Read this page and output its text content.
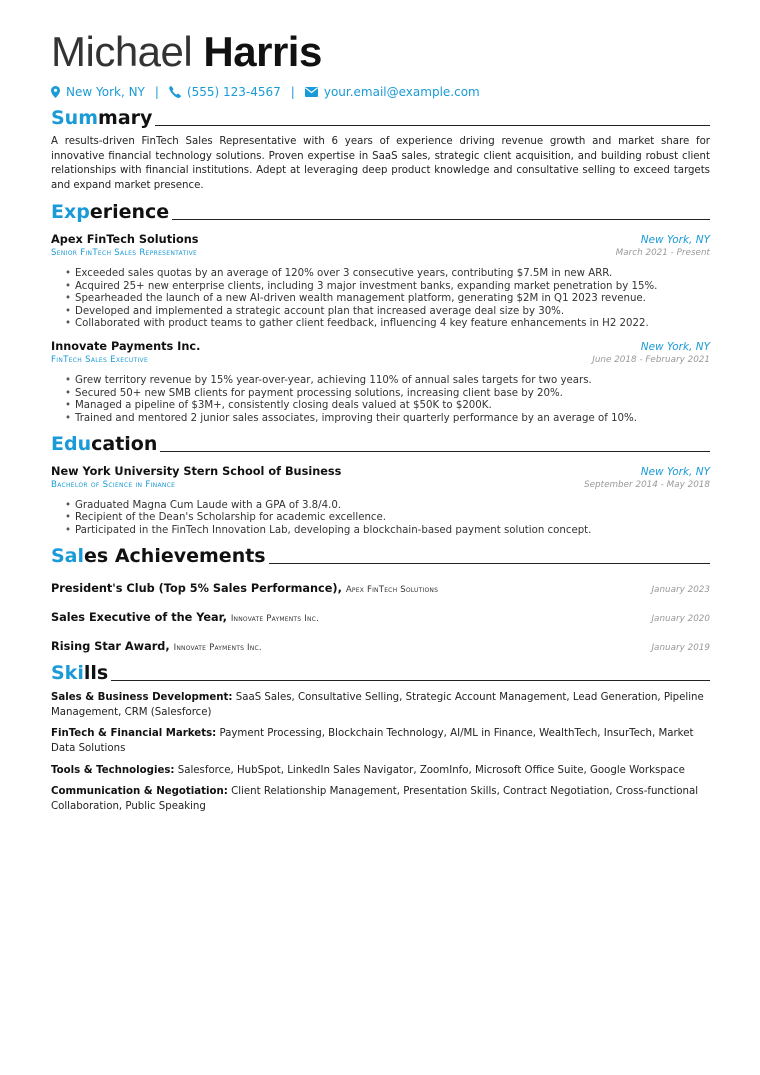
Michael Harris
New York, NY | (555) 123-4567 | your.email@example.com
Summary
A results-driven FinTech Sales Representative with 6 years of experience driving revenue growth and market share for innovative financial technology solutions. Proven expertise in SaaS sales, strategic client acquisition, and building robust client relationships with financial institutions. Adept at leveraging deep product knowledge and consultative selling to exceed targets and expand market presence.
Experience
Apex FinTech Solutions	New York, NY
Senior FinTech Sales Representative	March 2021 - Present
• Exceeded sales quotas by an average of 120% over 3 consecutive years, contributing $7.5M in new ARR.
• Acquired 25+ new enterprise clients, including 3 major investment banks, expanding market penetration by 15%.
• Spearheaded the launch of a new AI-driven wealth management platform, generating $2M in Q1 2023 revenue.
• Developed and implemented a strategic account plan that increased average deal size by 30%.
• Collaborated with product teams to gather client feedback, influencing 4 key feature enhancements in H2 2022.
Innovate Payments Inc.	New York, NY
FinTech Sales Executive	June 2018 - February 2021
• Grew territory revenue by 15% year-over-year, achieving 110% of annual sales targets for two years.
• Secured 50+ new SMB clients for payment processing solutions, increasing client base by 20%.
• Managed a pipeline of $3M+, consistently closing deals valued at $50K to $200K.
• Trained and mentored 2 junior sales associates, improving their quarterly performance by an average of 10%.
Education
New York University Stern School of Business	New York, NY
Bachelor of Science in Finance	September 2014 - May 2018
• Graduated Magna Cum Laude with a GPA of 3.8/4.0.
• Recipient of the Dean's Scholarship for academic excellence.
• Participated in the FinTech Innovation Lab, developing a blockchain-based payment solution concept.
Sales Achievements
President's Club (Top 5% Sales Performance), Apex FinTech Solutions	January 2023
Sales Executive of the Year, Innovate Payments Inc.	January 2020
Rising Star Award, Innovate Payments Inc.	January 2019
Skills
Sales & Business Development: SaaS Sales, Consultative Selling, Strategic Account Management, Lead Generation, Pipeline Management, CRM (Salesforce)
FinTech & Financial Markets: Payment Processing, Blockchain Technology, AI/ML in Finance, WealthTech, InsurTech, Market Data Solutions
Tools & Technologies: Salesforce, HubSpot, LinkedIn Sales Navigator, ZoomInfo, Microsoft Office Suite, Google Workspace
Communication & Negotiation: Client Relationship Management, Presentation Skills, Contract Negotiation, Cross-functional Collaboration, Public Speaking
